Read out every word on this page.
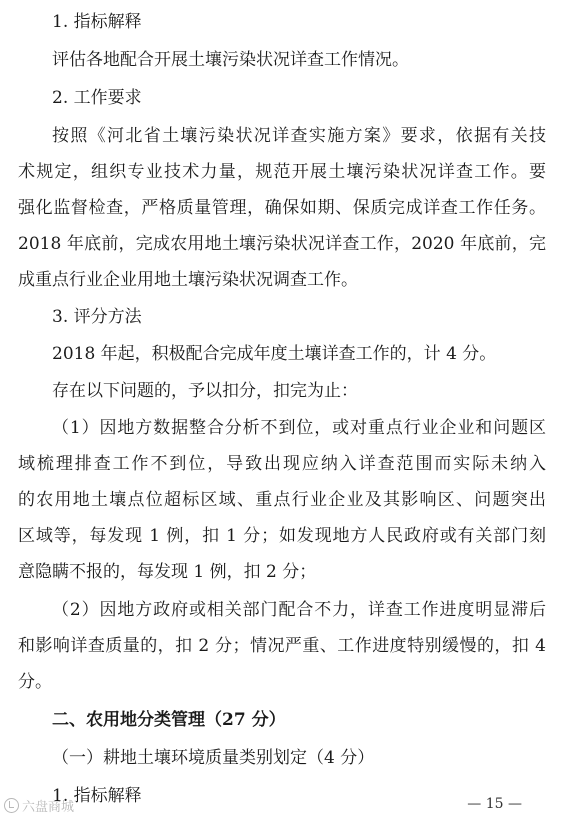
1. 指标解释
评估各地配合开展土壤污染状况详查工作情况。
2. 工作要求
按照《河北省土壤污染状况详查实施方案》要求，依据有关技
术规定，组织专业技术力量，规范开展土壤污染状况详查工作。要
强化监督检查，严格质量管理，确保如期、保质完成详查工作任务。
2018 年底前，完成农用地土壤污染状况详查工作，2020 年底前，完
成重点行业企业用地土壤污染状况调查工作。
3. 评分方法
2018 年起，积极配合完成年度土壤详查工作的，计 4 分。
存在以下问题的，予以扣分，扣完为止：
（1）因地方数据整合分析不到位，或对重点行业企业和问题区
域梳理排查工作不到位，导致出现应纳入详查范围而实际未纳入
的农用地土壤点位超标区域、重点行业企业及其影响区、问题突出
区域等，每发现 1 例，扣 1 分；如发现地方人民政府或有关部门刻
意隐瞒不报的，每发现 1 例，扣 2 分；
（2）因地方政府或相关部门配合不力，详查工作进度明显滞后
和影响详查质量的，扣 2 分；情况严重、工作进度特别缓慢的，扣 4
分。
二、农用地分类管理（27 分）
（一）耕地土壤环境质量类别划定（4 分）
1. 指标解释
六盘商城	— 15 —
